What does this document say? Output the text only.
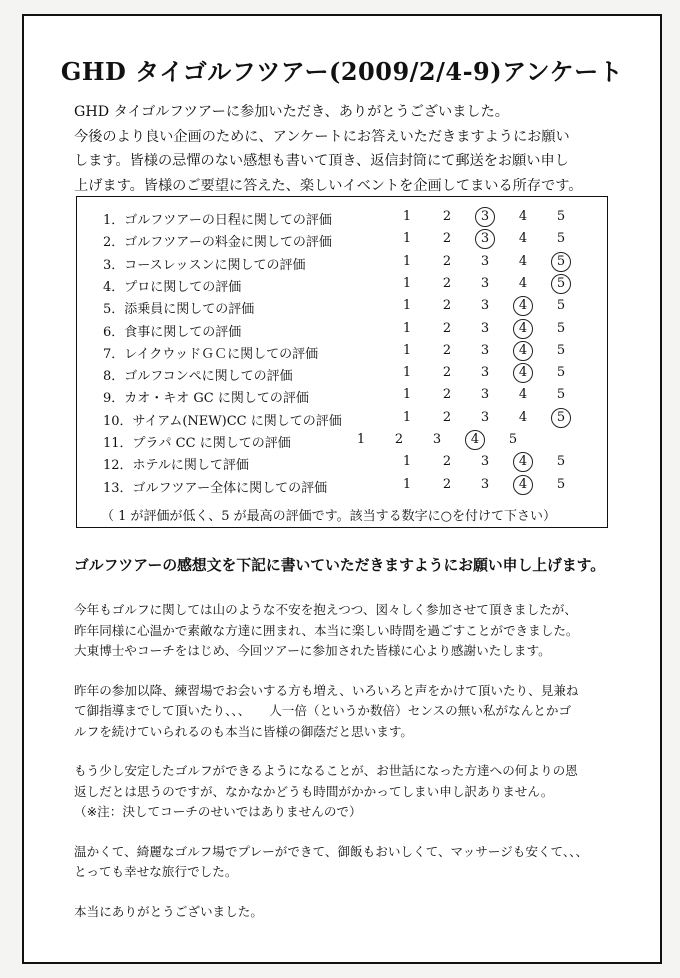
GHD タイゴルフツアー(2009/2/4-9)アンケート

GHD タイゴルフツアーに参加いただき、ありがとうございました。

今後のより良い企画のために、アンケートにお答えいただきますようにお願い

します。皆様の忌憚のない感想も書いて頂き、返信封筒にて郵送をお願い申し

上げます。皆様のご要望に答えた、楽しいイベントを企画してまいる所存です。

（ 1 が評価が低く、5 が最高の評価です。該当する数字に○を付けて下さい）
1．ゴルフツアーの日程に関しての評価	1	2	3	4	5
2．ゴルフツアーの料金に関しての評価	1	2	3	4	5
3．コースレッスンに関しての評価	1	2	3	4	5
4．プロに関しての評価	1	2	3	4	5
5．添乗員に関しての評価	1	2	3	4	5
6．食事に関しての評価	1	2	3	4	5
7．レイクウッドＧＣに関しての評価	1	2	3	4	5
8．ゴルフコンペに関しての評価	1	2	3	4	5
9．カオ・キオ GC に関しての評価	1	2	3	4	5
10．サイアム(NEW)CC に関しての評価	1	2	3	4	5
11．プラパ CC に関しての評価	1	2	3	4	5
12．ホテルに関して評価	1	2	3	4	5
13．ゴルフツアー全体に関しての評価	1	2	3	4	5
ゴルフツアーの感想文を下記に書いていただきますようにお願い申し上げます。

今年もゴルフに関しては山のような不安を抱えつつ、図々しく参加させて頂きましたが、
昨年同様に心温かで素敵な方達に囲まれ、本当に楽しい時間を過ごすことができました。
大東博士やコーチをはじめ、今回ツアーに参加された皆様に心より感謝いたします。

昨年の参加以降、練習場でお会いする方も増え、いろいろと声をかけて頂いたり、見兼ね
て御指導までして頂いたり、、、　　人一倍（というか数倍）センスの無い私がなんとかゴ
ルフを続けていられるのも本当に皆様の御蔭だと思います。

もう少し安定したゴルフができるようになることが、お世話になった方達への何よりの恩
返しだとは思うのですが、なかなかどうも時間がかかってしまい申し訳ありません。
（※注：決してコーチのせいではありませんので）

温かくて、綺麗なゴルフ場でプレーができて、御飯もおいしくて、マッサージも安くて、、、
とっても幸せな旅行でした。

本当にありがとうございました。
